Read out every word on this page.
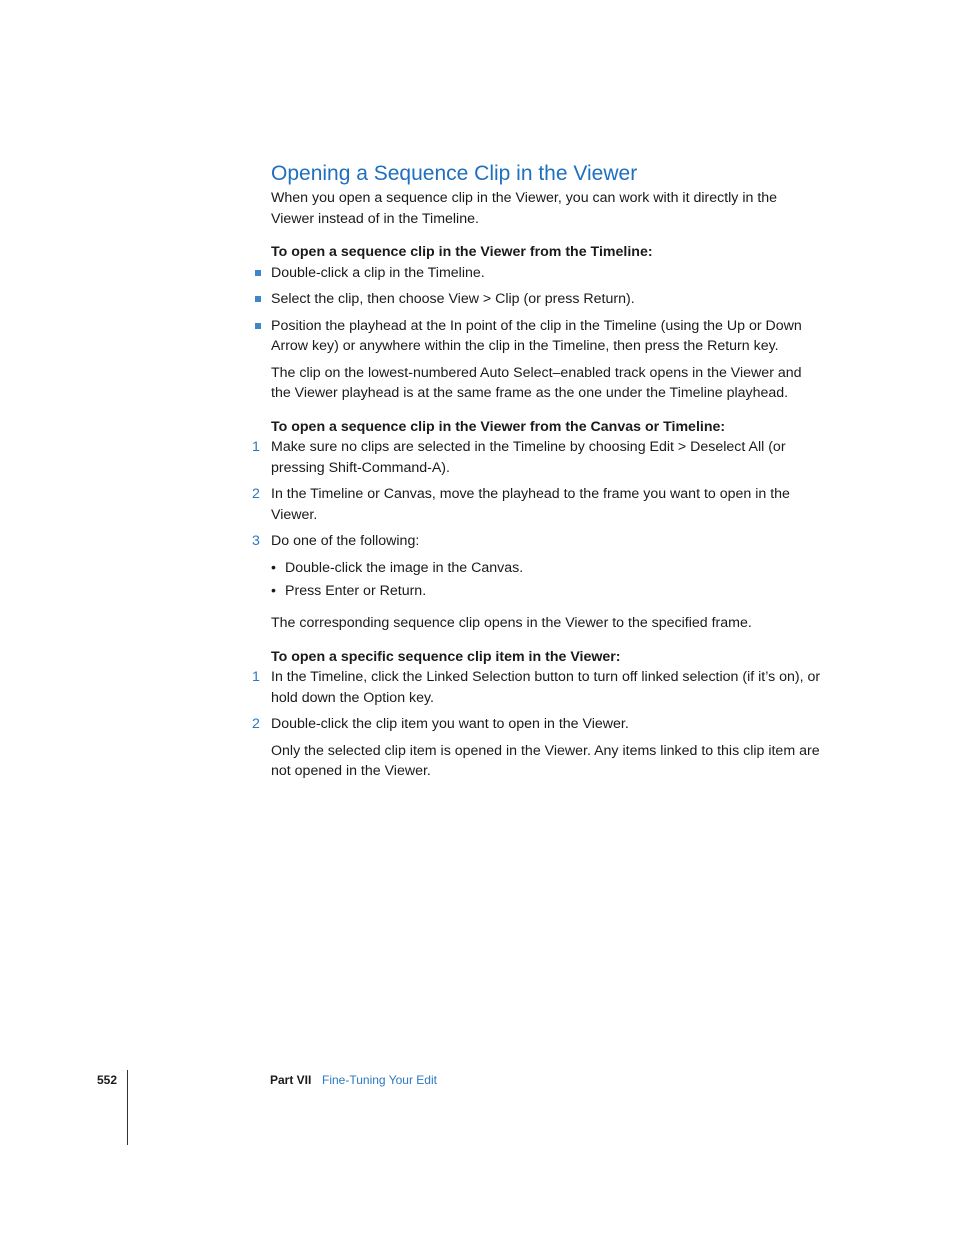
Opening a Sequence Clip in the Viewer

When you open a sequence clip in the Viewer, you can work with it directly in the Viewer instead of in the Timeline.

To open a sequence clip in the Viewer from the Timeline:

Double-click a clip in the Timeline.
Select the clip, then choose View > Clip (or press Return).
Position the playhead at the In point of the clip in the Timeline (using the Up or Down Arrow key) or anywhere within the clip in the Timeline, then press the Return key.

The clip on the lowest-numbered Auto Select–enabled track opens in the Viewer and the Viewer playhead is at the same frame as the one under the Timeline playhead.

To open a sequence clip in the Viewer from the Canvas or Timeline:

1 Make sure no clips are selected in the Timeline by choosing Edit > Deselect All (or pressing Shift-Command-A).
2 In the Timeline or Canvas, move the playhead to the frame you want to open in the Viewer.
3 Do one of the following:
• Double-click the image in the Canvas.
• Press Enter or Return.

The corresponding sequence clip opens in the Viewer to the specified frame.

To open a specific sequence clip item in the Viewer:

1 In the Timeline, click the Linked Selection button to turn off linked selection (if it’s on), or hold down the Option key.
2 Double-click the clip item you want to open in the Viewer.

Only the selected clip item is opened in the Viewer. Any items linked to this clip item are not opened in the Viewer.

552	Part VII Fine-Tuning Your Edit
